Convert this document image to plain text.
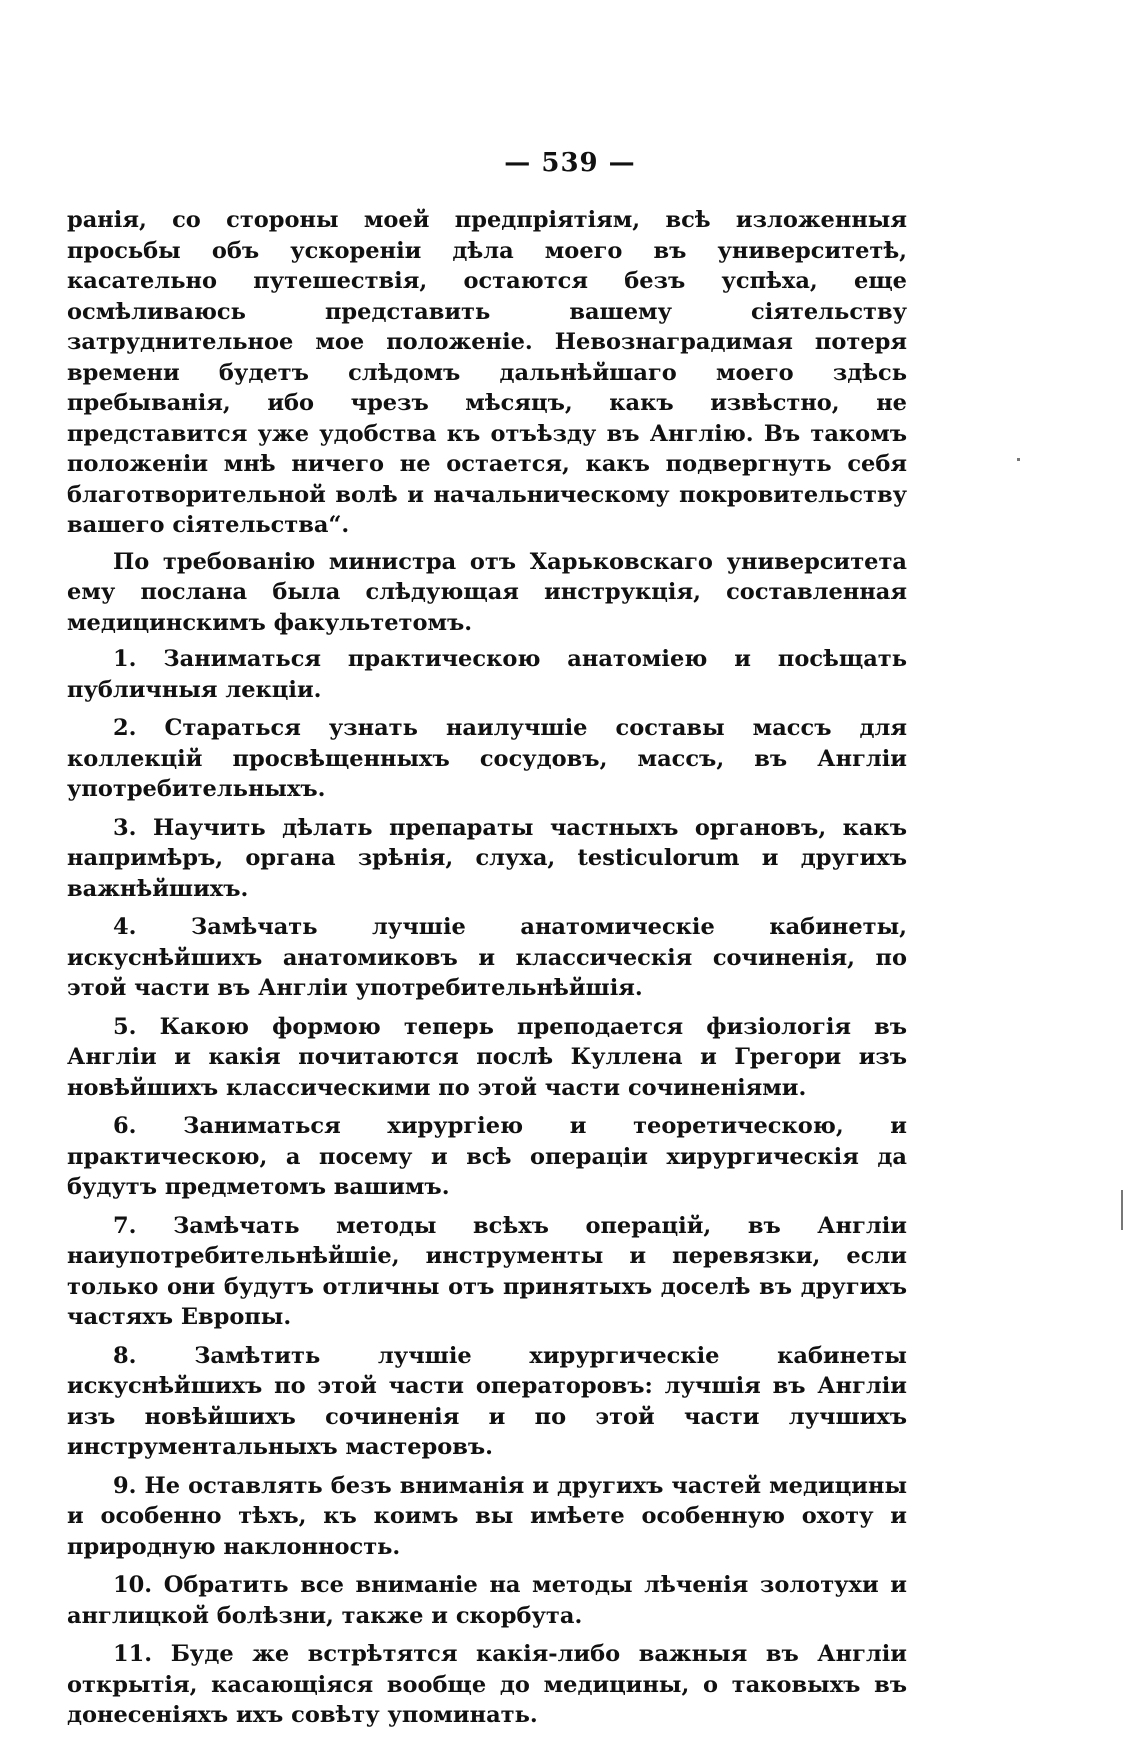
— 539 —

ранія, со стороны моей предпріятіям, всѣ изложенныя просьбы объ ускореніи дѣла моего въ университетѣ, касательно путешествія, остаются безъ успѣха, еще осмѣливаюсь представить вашему сіятельству затруднительное мое положеніе. Невознаградимая потеря времени будетъ слѣдомъ дальнѣйшаго моего здѣсь пребыванія, ибо чрезъ мѣсяцъ, какъ извѣстно, не представится уже удобства къ отъѣзду въ Англію. Въ такомъ положеніи мнѣ ничего не остается, какъ подвергнуть себя благотворительной волѣ и начальническому покровительству вашего сіятельства“.

По требованію министра отъ Харьковскаго университета ему послана была слѣдующая инструкція, составленная медицинскимъ факультетомъ.

1. Заниматься практическою анатоміею и посѣщать публичныя лекціи.

2. Стараться узнать наилучшіе составы массъ для коллекцій просвѣщенныхъ сосудовъ, массъ, въ Англіи употребительныхъ.

3. Научить дѣлать препараты частныхъ органовъ, какъ напримѣръ, органа зрѣнія, слуха, testiculorum и другихъ важнѣйшихъ.

4. Замѣчать лучшіе анатомическіе кабинеты, искуснѣйшихъ анатомиковъ и классическія сочиненія, по этой части въ Англіи употребительнѣйшія.

5. Какою формою теперь преподается физіологія въ Англіи и какія почитаются послѣ Куллена и Грегори изъ новѣйшихъ классическими по этой части сочиненіями.

6. Заниматься хирургіею и теоретическою, и практическою, а посему и всѣ операціи хирургическія да будутъ предметомъ вашимъ.

7. Замѣчать методы всѣхъ операцій, въ Англіи наиупотребительнѣйшіе, инструменты и перевязки, если только они будутъ отличны отъ принятыхъ доселѣ въ другихъ частяхъ Европы.

8. Замѣтить лучшіе хирургическіе кабинеты искуснѣйшихъ по этой части операторовъ: лучшія въ Англіи изъ новѣйшихъ сочиненія и по этой части лучшихъ инструментальныхъ мастеровъ.

9. Не оставлять безъ вниманія и другихъ частей медицины и особенно тѣхъ, къ коимъ вы имѣете особенную охоту и природную наклонность.

10. Обратить все вниманіе на методы лѣченія золотухи и англицкой болѣзни, также и скорбута.

11. Буде же встрѣтятся какія-либо важныя въ Англіи открытія, касающіяся вообще до медицины, о таковыхъ въ донесеніяхъ ихъ совѣту упоминать.
